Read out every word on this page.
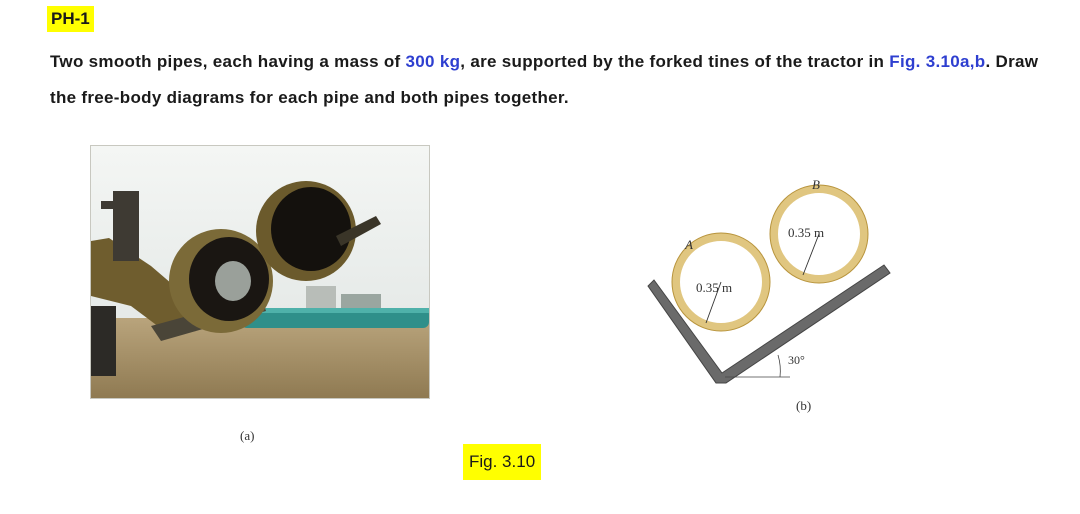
PH-1
Two smooth pipes, each having a mass of 300 kg, are supported by the forked tines of the tractor in Fig. 3.10a,b. Draw the free-body diagrams for each pipe and both pipes together.
(a)
A
B
0.35 m
0.35 m
30°
(b)
Fig. 3.10
